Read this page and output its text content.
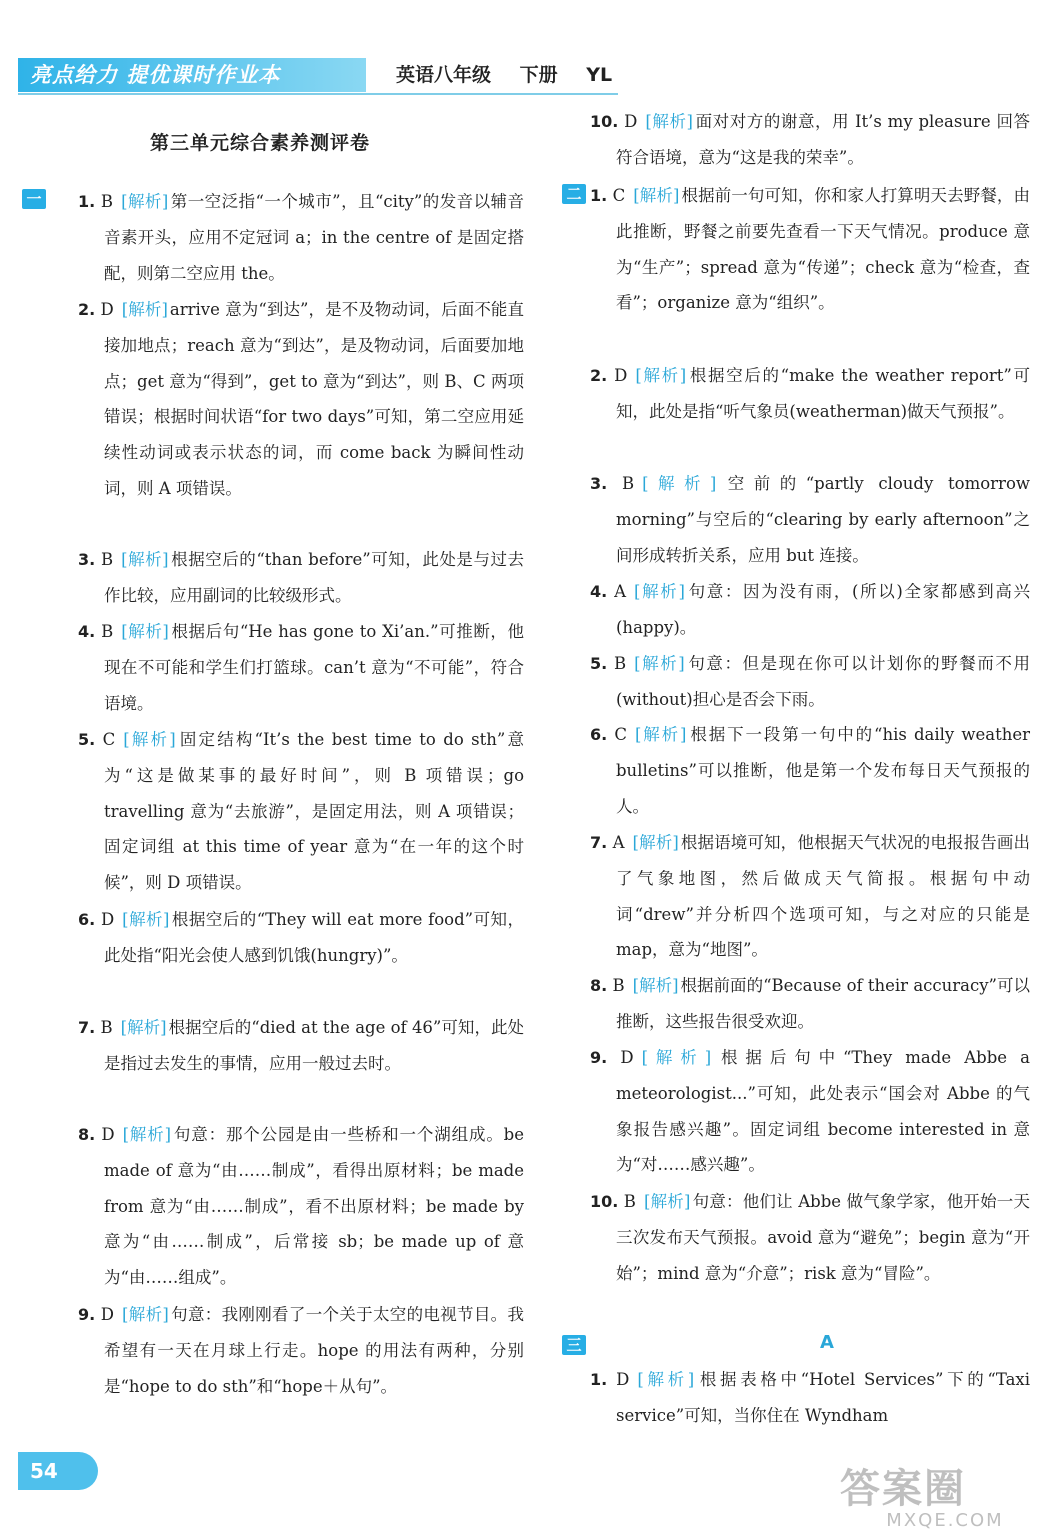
亮点给力 提优课时作业本	英语八年级 下册 YL
第三单元综合素养测评卷
一	二
三	A
54	答案圈
MXQE.COM
1. B [解析] 第一空泛指“一个城市”，且“city”的发音以辅音音素开头，应用不定冠词 a；in the centre of 是固定搭配，则第二空应用 the。
2. D [解析] arrive 意为“到达”，是不及物动词，后面不能直接加地点；reach 意为“到达”，是及物动词，后面要加地点；get 意为“得到”，get to 意为“到达”，则 B、C 两项错误；根据时间状语“for two days”可知，第二空应用延续性动词或表示状态的词，而 come back 为瞬间性动词，则 A 项错误。
3. B [解析] 根据空后的“than before”可知，此处是与过去作比较，应用副词的比较级形式。
4. B [解析] 根据后句“He has gone to Xi’an.”可推断，他现在不可能和学生们打篮球。can’t 意为“不可能”，符合语境。
5. C [解析] 固定结构“It’s the best time to do sth”意为“这是做某事的最好时间”，则 B 项错误；go travelling 意为“去旅游”，是固定用法，则 A 项错误；固定词组 at this time of year 意为“在一年的这个时候”，则 D 项错误。
6. D [解析] 根据空后的“They will eat more food”可知，此处指“阳光会使人感到饥饿(hungry)”。
7. B [解析] 根据空后的“died at the age of 46”可知，此处是指过去发生的事情，应用一般过去时。
8. D [解析] 句意：那个公园是由一些桥和一个湖组成。be made of 意为“由……制成”，看得出原材料；be made from 意为“由……制成”，看不出原材料；be made by 意为“由……制成”，后常接 sb；be made up of 意为“由……组成”。
9. D [解析] 句意：我刚刚看了一个关于太空的电视节目。我希望有一天在月球上行走。hope 的用法有两种，分别是“hope to do sth”和“hope＋从句”。
10. D [解析] 面对对方的谢意，用 It’s my pleasure 回答符合语境，意为“这是我的荣幸”。
1. C [解析] 根据前一句可知，你和家人打算明天去野餐，由此推断，野餐之前要先查看一下天气情况。produce 意为“生产”；spread 意为“传递”；check 意为“检查，查看”；organize 意为“组织”。
2. D [解析] 根据空后的“make the weather report”可知，此处是指“听气象员(weatherman)做天气预报”。
3. B [解析] 空前的“partly cloudy tomorrow morning”与空后的“clearing by early afternoon”之间形成转折关系，应用 but 连接。
4. A [解析] 句意：因为没有雨，(所以)全家都感到高兴(happy)。
5. B [解析] 句意：但是现在你可以计划你的野餐而不用(without)担心是否会下雨。
6. C [解析] 根据下一段第一句中的“his daily weather bulletins”可以推断，他是第一个发布每日天气预报的人。
7. A [解析] 根据语境可知，他根据天气状况的电报报告画出了气象地图，然后做成天气简报。根据句中动词“drew”并分析四个选项可知，与之对应的只能是 map，意为“地图”。
8. B [解析] 根据前面的“Because of their accuracy”可以推断，这些报告很受欢迎。
9. D [解析] 根据后句中“They made Abbe a meteorologist...”可知，此处表示“国会对 Abbe 的气象报告感兴趣”。固定词组 become interested in 意为“对……感兴趣”。
10. B [解析] 句意：他们让 Abbe 做气象学家，他开始一天三次发布天气预报。avoid 意为“避免”；begin 意为“开始”；mind 意为“介意”；risk 意为“冒险”。
1. D [解析] 根据表格中“Hotel Services”下的“Taxi service”可知，当你住在 Wyndham
